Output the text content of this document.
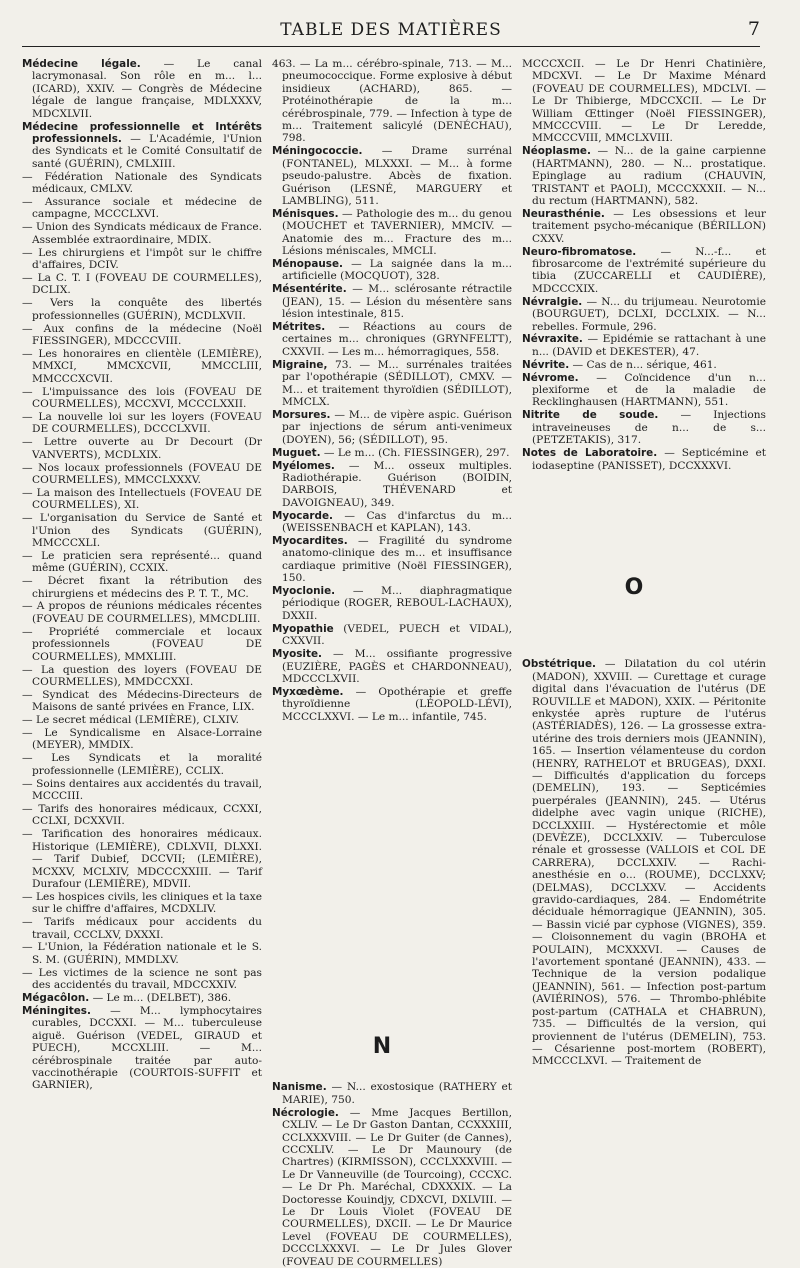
TABLE DES MATIÈRES	7

Médecine légale. — Le canal lacrymonasal. Son rôle en m... l... (ICARD), XXIV. — Congrès de Médecine légale de langue française, MDLXXXV, MDCXLVII.

Médecine professionnelle et Intérêts professionnels. — L'Académie, l'Union des Syndicats et le Comité Consultatif de santé (GUÉRIN), CMLXIII.

— Fédération Nationale des Syndicats médicaux, CMLXV.

— Assurance sociale et médecine de campagne, MCCCLXVI.

— Union des Syndicats médicaux de France. Assemblée extraordinaire, MDIX.

— Les chirurgiens et l'impôt sur le chiffre d'affaires, DCIV.

— La C. T. I (FOVEAU DE COURMELLES), DCLIX.

— Vers la conquête des libertés professionnelles (GUÉRIN), MCDLXVII.

— Aux confins de la médecine (Noël FIESSINGER), MDCCCVIII.

— Les honoraires en clientèle (LEMIÈRE), MMXCI, MMCXCVII, MMCCLIII, MMCCCXCVII.

— L'impuissance des lois (FOVEAU DE COURMELLES), MCCXVI, MCCCLXXII.

— La nouvelle loi sur les loyers (FOVEAU DE COURMELLES), DCCCLXVII.

— Lettre ouverte au Dr Decourt (Dr VANVERTS), MCDLXIX.

— Nos locaux professionnels (FOVEAU DE COURMELLES), MMCCLXXXV.

— La maison des Intellectuels (FOVEAU DE COURMELLES), XI.

— L'organisation du Service de Santé et l'Union des Syndicats (GUÉRIN), MMCCCXLI.

— Le praticien sera représenté... quand même (GUÉRIN), CCXIX.

— Décret fixant la rétribution des chirurgiens et médecins des P. T. T., MC.

— A propos de réunions médicales récentes (FOVEAU DE COURMELLES), MMCDLIII.

— Propriété commerciale et locaux professionnels (FOVEAU DE COURMELLES), MMXLIII.

— La question des loyers (FOVEAU DE COURMELLES), MMDCCXXI.

— Syndicat des Médecins-Directeurs de Maisons de santé privées en France, LIX.

— Le secret médical (LEMIÈRE), CLXIV.

— Le Syndicalisme en Alsace-Lorraine (MEYER), MMDIX.

— Les Syndicats et la moralité professionnelle (LEMIÈRE), CCLIX.

— Soins dentaires aux accidentés du travail, MCCCIII.

— Tarifs des honoraires médicaux, CCXXI, CCLXI, DCXXVII.

— Tarification des honoraires médicaux. Historique (LEMIÈRE), CDLXVII, DLXXI. — Tarif Dubief, DCCVII; (LEMIÈRE), MCXXV, MCLXIV, MDCCCXXIII. — Tarif Durafour (LEMIÈRE), MDVII.

— Les hospices civils, les cliniques et la taxe sur le chiffre d'affaires, MCDXLIV.

— Tarifs médicaux pour accidents du travail, CCCLXV, DXXXI.

— L'Union, la Fédération nationale et le S. S. M. (GUÉRIN), MMDLXV.

— Les victimes de la science ne sont pas des accidentés du travail, MDCCXXIV.

Mégacôlon. — Le m... (DELBET), 386.

Méningites. — M... lymphocytaires curables, DCCXXI. — M... tuberculeuse aiguë. Guérison (VEDEL, GIRAUD et PUECH), MCCXLIII. — M... cérébrospinale traitée par auto-vaccinothérapie (COURTOIS-SUFFIT et GARNIER),

463. — La m... cérébro-spinale, 713. — M... pneumococcique. Forme explosive à début insidieux (ACHARD), 865. — Protéinothérapie de la m... cérébrospinale, 779. — Infection à type de m... Traitement salicylé (DENÉCHAU), 798.

Méningococcie. — Drame surrénal (FONTANEL), MLXXXI. — M... à forme pseudo-palustre. Abcès de fixation. Guérison (LESNÉ, MARGUERY et LAMBLING), 511.

Ménisques. — Pathologie des m... du genou (MOUCHET et TAVERNIER), MMCIV. — Anatomie des m... Fracture des m... Lésions méniscales, MMCLI.

Ménopause. — La saignée dans la m... artificielle (MOCQUOT), 328.

Mésentérite. — M... sclérosante rétractile (JEAN), 15. — Lésion du mésentère sans lésion intestinale, 815.

Métrites. — Réactions au cours de certaines m... chroniques (GRYNFELTT), CXXVII. — Les m... hémorragiques, 558.

Migraine, 73. — M... surrénales traitées par l'opothérapie (SÉDILLOT), CMXV. — M... et traitement thyroïdien (SÉDILLOT), MMCLX.

Morsures. — M... de vipère aspic. Guérison par injections de sérum anti-venimeux (DOYEN), 56; (SÉDILLOT), 95.

Muguet. — Le m... (Ch. FIESSINGER), 297.

Myélomes. — M... osseux multiples. Radiothérapie. Guérison (BOIDIN, DARBOIS, THÉVENARD et DAVOIGNEAU), 349.

Myocarde. — Cas d'infarctus du m... (WEISSENBACH et KAPLAN), 143.

Myocardites. — Fragilité du syndrome anatomo-clinique des m... et insuffisance cardiaque primitive (Noël FIESSINGER), 150.

Myoclonie. — M... diaphragmatique périodique (ROGER, REBOUL-LACHAUX), DXXII.

Myopathie (VEDEL, PUECH et VIDAL), CXXVII.

Myosite. — M... ossifiante progressive (EUZIÈRE, PAGÈS et CHARDONNEAU), MDCCCLXVII.

Myxœdème. — Opothérapie et greffe thyroïdienne (LÉOPOLD-LÉVI), MCCCLXXVI. — Le m... infantile, 745.

N

Nanisme. — N... exostosique (RATHERY et MARIE), 750.

Nécrologie. — Mme Jacques Bertillon, CXLIV. — Le Dr Gaston Dantan, CCXXXIII, CCLXXXVIII. — Le Dr Guiter (de Cannes), CCCXLIV. — Le Dr Maunoury (de Chartres) (KIRMISSON), CCCLXXXVIII. — Le Dr Vanneuville (de Tourcoing), CCCXC. — Le Dr Ph. Maréchal, CDXXXIX. — La Doctoresse Kouindjy, CDXCVI, DXLVIII. — Le Dr Louis Violet (FOVEAU DE COURMELLES), DXCII. — Le Dr Maurice Level (FOVEAU DE COURMELLES), DCCCLXXXVI. — Le Dr Jules Glover (FOVEAU DE COURMELLES)

MCCCXCII. — Le Dr Henri Chatinière, MDCXVI. — Le Dr Maxime Ménard (FOVEAU DE COURMELLES), MDCLVI. — Le Dr Thibierge, MDCCXCII. — Le Dr William Œttinger (Noël FIESSINGER), MMCCCVIII. — Le Dr Leredde, MMCCCVIII, MMCLXVIII.

Néoplasme. — N... de la gaine carpienne (HARTMANN), 280. — N... prostatique. Epinglage au radium (CHAUVIN, TRISTANT et PAOLI), MCCCXXXII. — N... du rectum (HARTMANN), 582.

Neurasthénie. — Les obsessions et leur traitement psycho-mécanique (BÉRILLON) CXXV.

Neuro-fibromatose. — N...-f... et fibrosarcome de l'extrémité supérieure du tibia (ZUCCARELLI et CAUDIÈRE), MDCCCXIX.

Névralgie. — N... du trijumeau. Neurotomie (BOURGUET), DCLXI, DCCLXIX. — N... rebelles. Formule, 296.

Névraxite. — Epidémie se rattachant à une n... (DAVID et DEKESTER), 47.

Névrite. — Cas de n... sérique, 461.

Névrome. — Coïncidence d'un n... plexiforme et de la maladie de Recklinghausen (HARTMANN), 551.

Nitrite de soude. — Injections intraveineuses de n... de s... (PETZETAKIS), 317.

Notes de Laboratoire. — Septicémine et iodaseptine (PANISSET), DCCXXXVI.

O

Obstétrique. — Dilatation du col utérin (MADON), XXVIII. — Curettage et curage digital dans l'évacuation de l'utérus (DE ROUVILLE et MADON), XXIX. — Péritonite enkystée après rupture de l'utérus (ASTÉRIADÈS), 126. — La grossesse extra-utérine des trois derniers mois (JEANNIN), 165. — Insertion vélamenteuse du cordon (HENRY, RATHELOT et BRUGEAS), DXXI. — Difficultés d'application du forceps (DEMELIN), 193. — Septicémies puerpérales (JEANNIN), 245. — Utérus didelphe avec vagin unique (RICHE), DCCLXXIII. — Hystérectomie et môle (DEVÈZE), DCCLXXIV. — Tuberculose rénale et grossesse (VALLOIS et COL DE CARRERA), DCCLXXIV. — Rachi-anesthésie en o... (ROUME), DCCLXXV; (DELMAS), DCCLXXV. — Accidents gravido-cardiaques, 284. — Endométrite déciduale hémorragique (JEANNIN), 305. — Bassin vicié par cyphose (VIGNES), 359. — Cloisonnement du vagin (BROHA et POULAIN), MCXXXVI. — Causes de l'avortement spontané (JEANNIN), 433. — Technique de la version podalique (JEANNIN), 561. — Infection post-partum (AVIÉRINOS), 576. — Thrombo-phlébite post-partum (CATHALA et CHABRUN), 735. — Difficultés de la version, qui proviennent de l'utérus (DEMELIN), 753. — Césarienne post-mortem (ROBERT), MMCCCLXVI. — Traitement de
